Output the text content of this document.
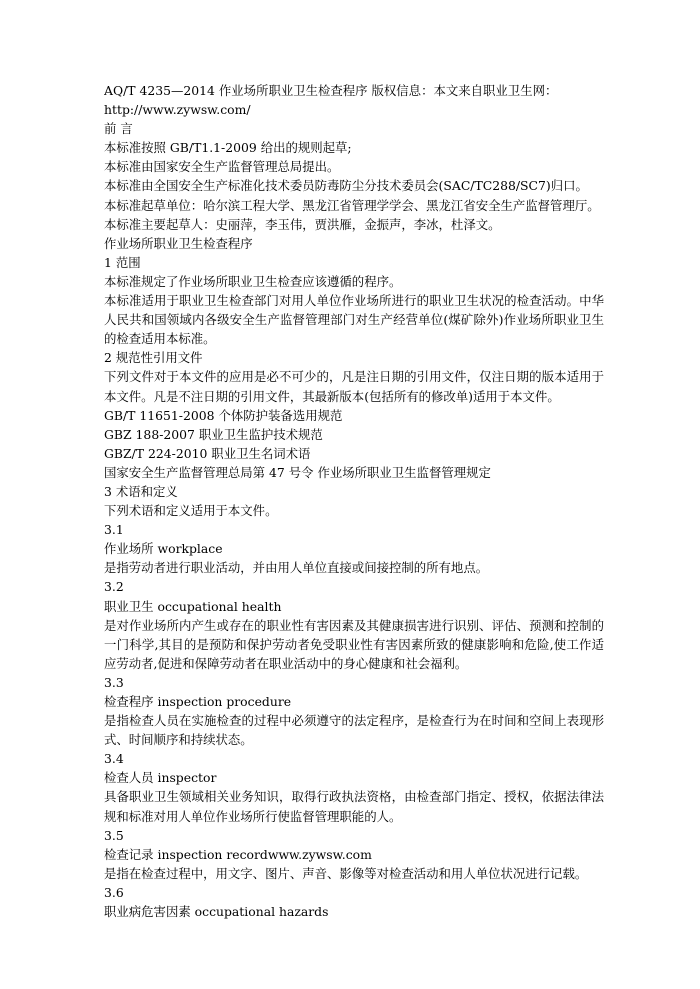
AQ/T 4235—2014 作业场所职业卫生检查程序 版权信息：本文来自职业卫生网：
http://www.zywsw.com/
前 言
本标准按照 GB/T1.1-2009 给出的规则起草;
本标准由国家安全生产监督管理总局提出。
本标准由全国安全生产标准化技术委员防毒防尘分技术委员会(SAC/TC288/SC7)归口。
本标准起草单位：哈尔滨工程大学、黑龙江省管理学学会、黑龙江省安全生产监督管理厅。
本标准主要起草人：史丽萍，李玉伟，贾洪雁，金振声，李冰，杜泽文。
作业场所职业卫生检查程序
1 范围
本标准规定了作业场所职业卫生检查应该遵循的程序。
本标准适用于职业卫生检查部门对用人单位作业场所进行的职业卫生状况的检查活动。中华人民共和国领域内各级安全生产监督管理部门对生产经营单位(煤矿除外)作业场所职业卫生的检查适用本标准。
2 规范性引用文件
下列文件对于本文件的应用是必不可少的，凡是注日期的引用文件，仅注日期的版本适用于本文件。凡是不注日期的引用文件，其最新版本(包括所有的修改单)适用于本文件。
GB/T 11651-2008 个体防护装备选用规范
GBZ 188-2007 职业卫生监护技术规范
GBZ/T 224-2010 职业卫生名词术语
国家安全生产监督管理总局第 47 号令 作业场所职业卫生监督管理规定
3 术语和定义
下列术语和定义适用于本文件。
3.1
作业场所 workplace
是指劳动者进行职业活动，并由用人单位直接或间接控制的所有地点。
3.2
职业卫生 occupational health
是对作业场所内产生或存在的职业性有害因素及其健康损害进行识别、评估、预测和控制的一门科学,其目的是预防和保护劳动者免受职业性有害因素所致的健康影响和危险,使工作适应劳动者,促进和保障劳动者在职业活动中的身心健康和社会福利。
3.3
检查程序 inspection procedure
是指检查人员在实施检查的过程中必须遵守的法定程序，是检查行为在时间和空间上表现形式、时间顺序和持续状态。
3.4
检查人员 inspector
具备职业卫生领域相关业务知识，取得行政执法资格，由检查部门指定、授权，依据法律法规和标准对用人单位作业场所行使监督管理职能的人。
3.5
检查记录 inspection recordwww.zywsw.com
是指在检查过程中，用文字、图片、声音、影像等对检查活动和用人单位状况进行记载。
3.6
职业病危害因素 occupational hazards
